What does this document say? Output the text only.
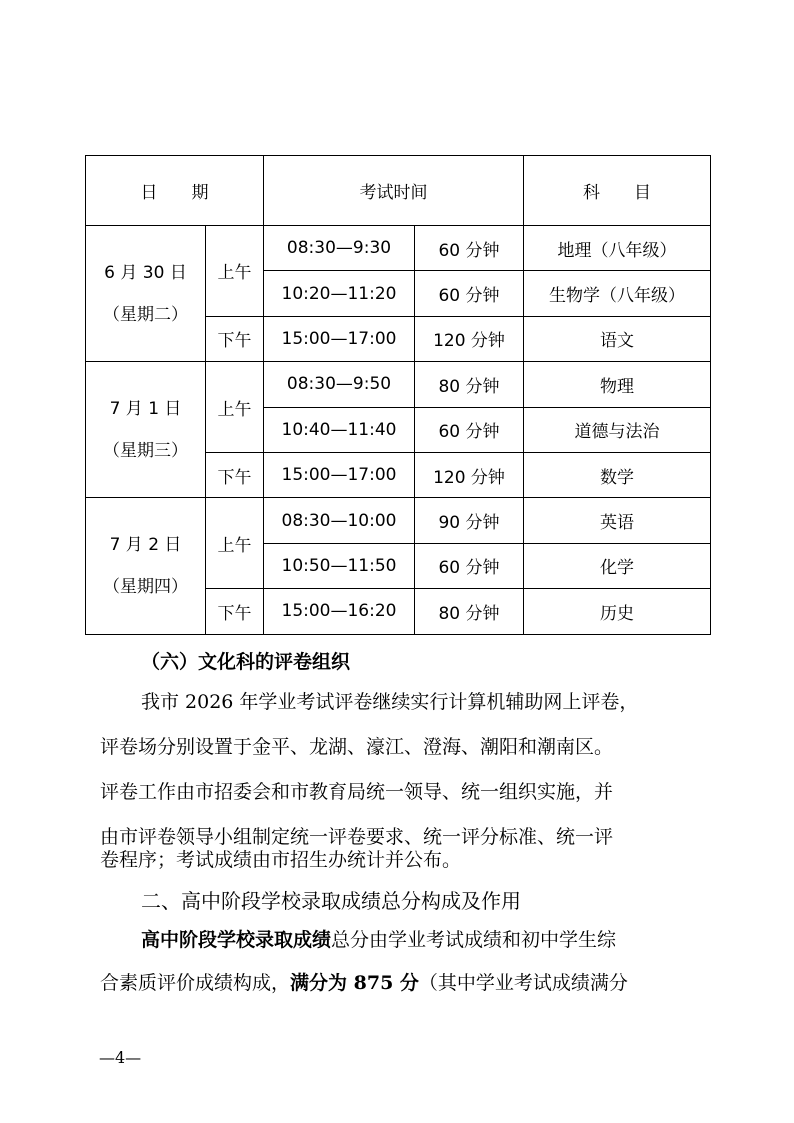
日　　期		考试时间		科　　目

6 月 30 日
（星期二）	上午	08:30—9:30	60 分钟	地理（八年级）
		10:20—11:20	60 分钟	生物学（八年级）
	下午	15:00—17:00	120 分钟	语文

7 月 1 日
（星期三）	上午	08:30—9:50	80 分钟	物理
		10:40—11:40	60 分钟	道德与法治
	下午	15:00—17:00	120 分钟	数学

7 月 2 日
（星期四）	上午	08:30—10:00	90 分钟	英语
		10:50—11:50	60 分钟	化学
	下午	15:00—16:20	80 分钟	历史
（六）文化科的评卷组织
我市 2026 年学业考试评卷继续实行计算机辅助网上评卷，
评卷场分别设置于金平、龙湖、濠江、澄海、潮阳和潮南区。
评卷工作由市招委会和市教育局统一领导、统一组织实施，并
由市评卷领导小组制定统一评卷要求、统一评分标准、统一评
卷程序；考试成绩由市招生办统计并公布。
二、高中阶段学校录取成绩总分构成及作用
高中阶段学校录取成绩总分由学业考试成绩和初中学生综
合素质评价成绩构成，满分为 875 分（其中学业考试成绩满分
—4—
